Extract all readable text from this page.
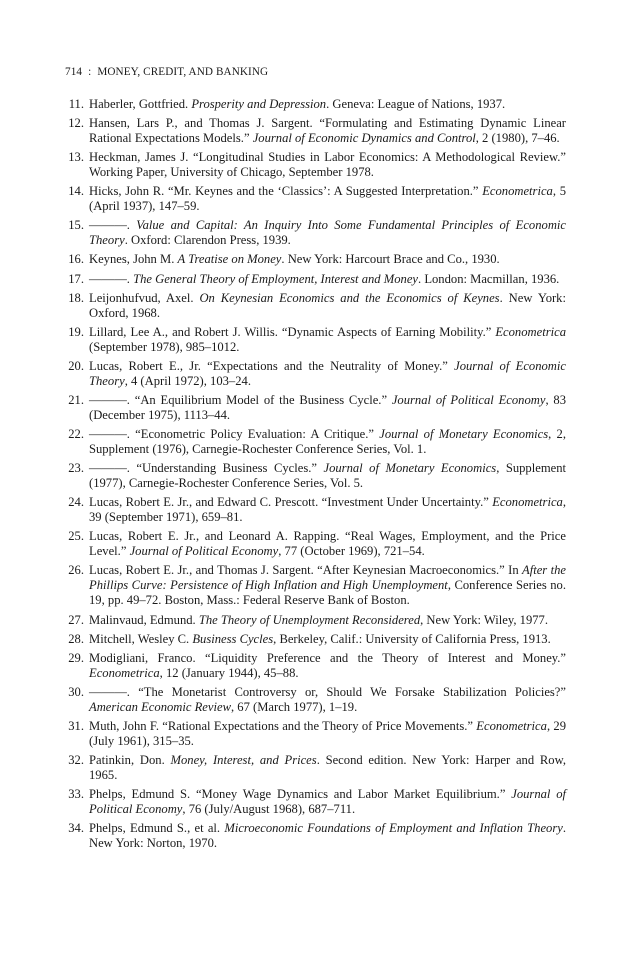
714 : MONEY, CREDIT, AND BANKING
11. Haberler, Gottfried. Prosperity and Depression. Geneva: League of Nations, 1937.
12. Hansen, Lars P., and Thomas J. Sargent. “Formulating and Estimating Dynamic Linear Rational Expectations Models.” Journal of Economic Dynamics and Control, 2 (1980), 7–46.
13. Heckman, James J. “Longitudinal Studies in Labor Economics: A Methodological Review.” Working Paper, University of Chicago, September 1978.
14. Hicks, John R. “Mr. Keynes and the ‘Classics’: A Suggested Interpretation.” Econometrica, 5 (April 1937), 147–59.
15. ———. Value and Capital: An Inquiry Into Some Fundamental Principles of Economic Theory. Oxford: Clarendon Press, 1939.
16. Keynes, John M. A Treatise on Money. New York: Harcourt Brace and Co., 1930.
17. ———. The General Theory of Employment, Interest and Money. London: Macmillan, 1936.
18. Leijonhufvud, Axel. On Keynesian Economics and the Economics of Keynes. New York: Oxford, 1968.
19. Lillard, Lee A., and Robert J. Willis. “Dynamic Aspects of Earning Mobility.” Econometrica (September 1978), 985–1012.
20. Lucas, Robert E., Jr. “Expectations and the Neutrality of Money.” Journal of Economic Theory, 4 (April 1972), 103–24.
21. ———. “An Equilibrium Model of the Business Cycle.” Journal of Political Economy, 83 (December 1975), 1113–44.
22. ———. “Econometric Policy Evaluation: A Critique.” Journal of Monetary Economics, 2, Supplement (1976), Carnegie-Rochester Conference Series, Vol. 1.
23. ———. “Understanding Business Cycles.” Journal of Monetary Economics, Supplement (1977), Carnegie-Rochester Conference Series, Vol. 5.
24. Lucas, Robert E. Jr., and Edward C. Prescott. “Investment Under Uncertainty.” Econometrica, 39 (September 1971), 659–81.
25. Lucas, Robert E. Jr., and Leonard A. Rapping. “Real Wages, Employment, and the Price Level.” Journal of Political Economy, 77 (October 1969), 721–54.
26. Lucas, Robert E. Jr., and Thomas J. Sargent. “After Keynesian Macroeconomics.” In After the Phillips Curve: Persistence of High Inflation and High Unemployment, Conference Series no. 19, pp. 49–72. Boston, Mass.: Federal Reserve Bank of Boston.
27. Malinvaud, Edmund. The Theory of Unemployment Reconsidered, New York: Wiley, 1977.
28. Mitchell, Wesley C. Business Cycles, Berkeley, Calif.: University of California Press, 1913.
29. Modigliani, Franco. “Liquidity Preference and the Theory of Interest and Money.” Econometrica, 12 (January 1944), 45–88.
30. ———. “The Monetarist Controversy or, Should We Forsake Stabilization Policies?” American Economic Review, 67 (March 1977), 1–19.
31. Muth, John F. “Rational Expectations and the Theory of Price Movements.” Econometrica, 29 (July 1961), 315–35.
32. Patinkin, Don. Money, Interest, and Prices. Second edition. New York: Harper and Row, 1965.
33. Phelps, Edmund S. “Money Wage Dynamics and Labor Market Equilibrium.” Journal of Political Economy, 76 (July/August 1968), 687–711.
34. Phelps, Edmund S., et al. Microeconomic Foundations of Employment and Inflation Theory. New York: Norton, 1970.
